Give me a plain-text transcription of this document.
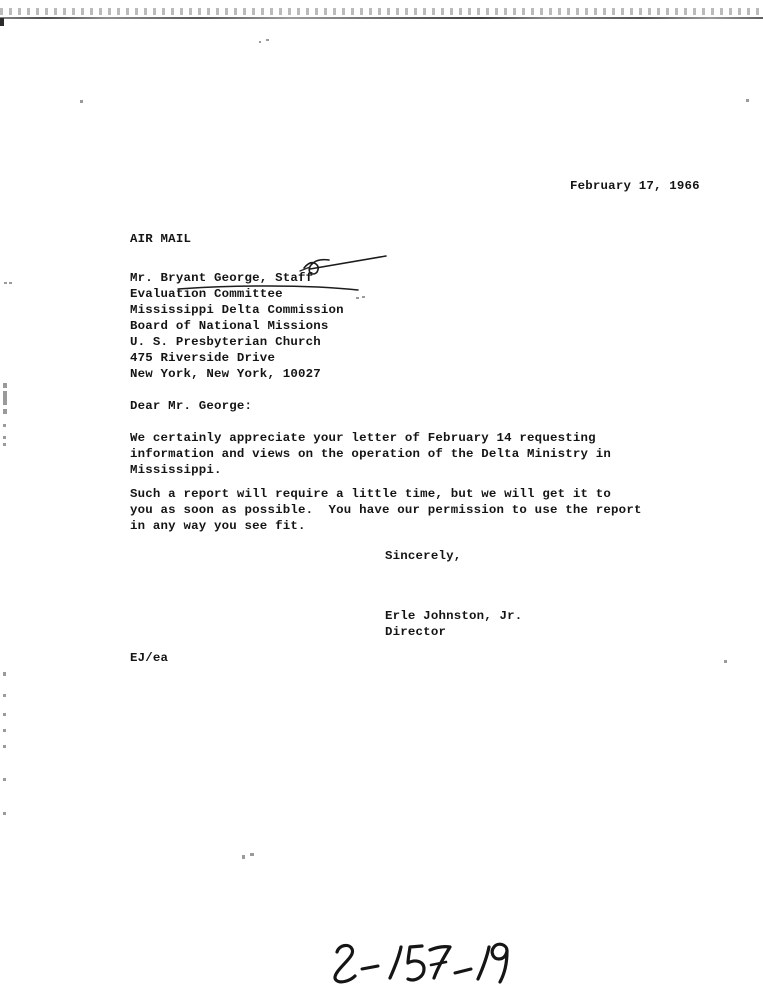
February 17, 1966
AIR MAIL
Mr. Bryant George, Staff
Evaluation Committee
Mississippi Delta Commission
Board of National Missions
U. S. Presbyterian Church
475 Riverside Drive
New York, New York, 10027
Dear Mr. George:
We certainly appreciate your letter of February 14 requesting
information and views on the operation of the Delta Ministry in
Mississippi.
Such a report will require a little time, but we will get it to
you as soon as possible.  You have our permission to use the report
in any way you see fit.
Sincerely,
Erle Johnston, Jr.
Director
EJ/ea
